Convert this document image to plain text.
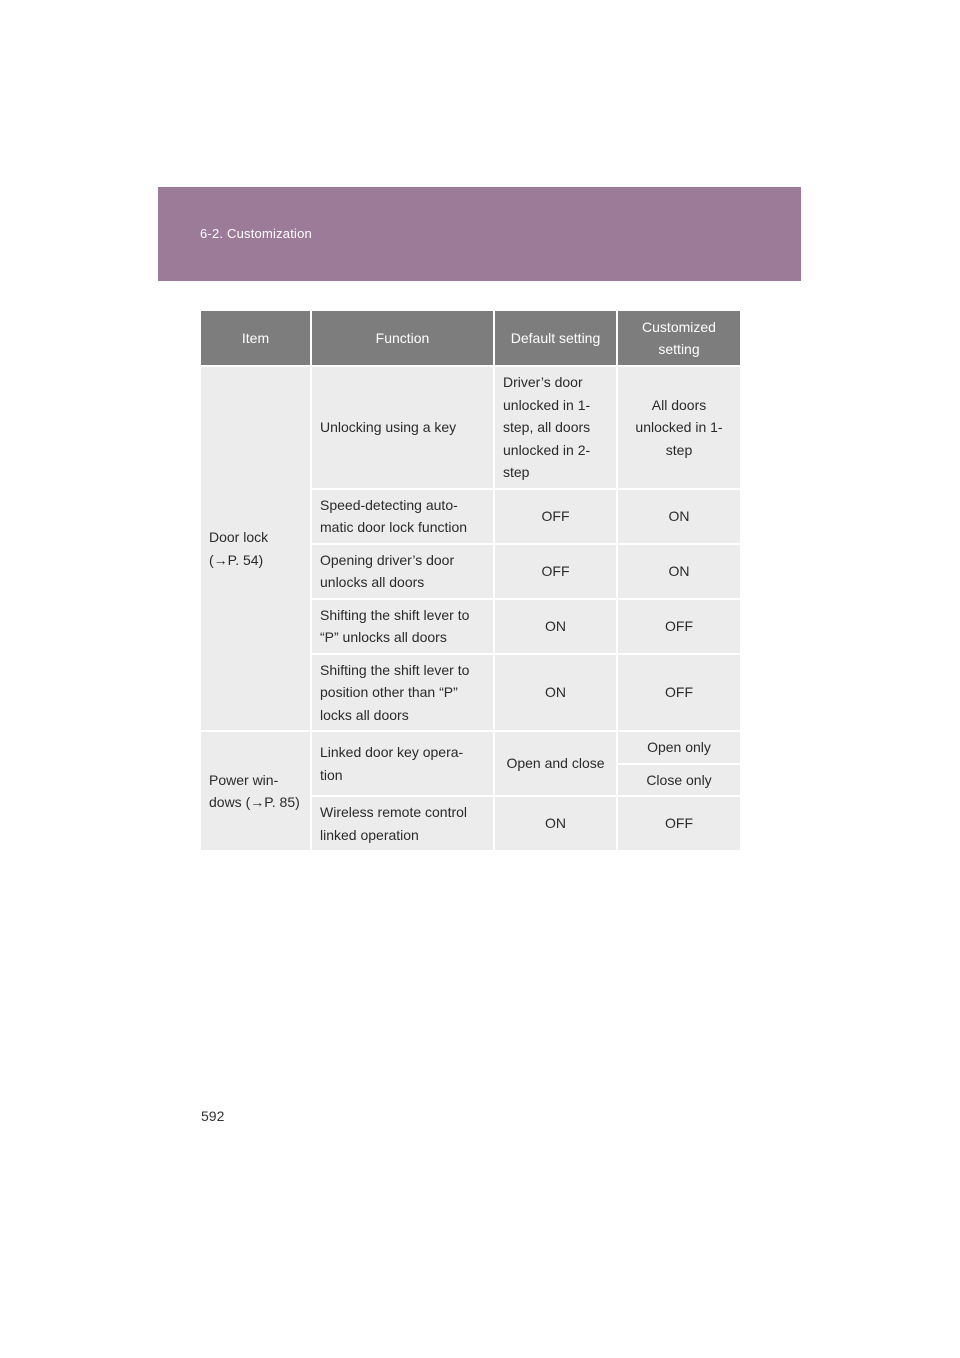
6-2. Customization
Item	Function	Default setting	Customized setting
Door lock (→P. 54)	Unlocking using a key	Driver’s door unlocked in 1-step, all doors unlocked in 2-step	All doors unlocked in 1-step
	Speed-detecting auto-matic door lock function	OFF	ON
	Opening driver’s door unlocks all doors	OFF	ON
	Shifting the shift lever to “P” unlocks all doors	ON	OFF
	Shifting the shift lever to position other than “P” locks all doors	ON	OFF
Power win-dows (→P. 85)	Linked door key opera-tion	Open and close	Open only
			Close only
	Wireless remote control linked operation	ON	OFF
592
